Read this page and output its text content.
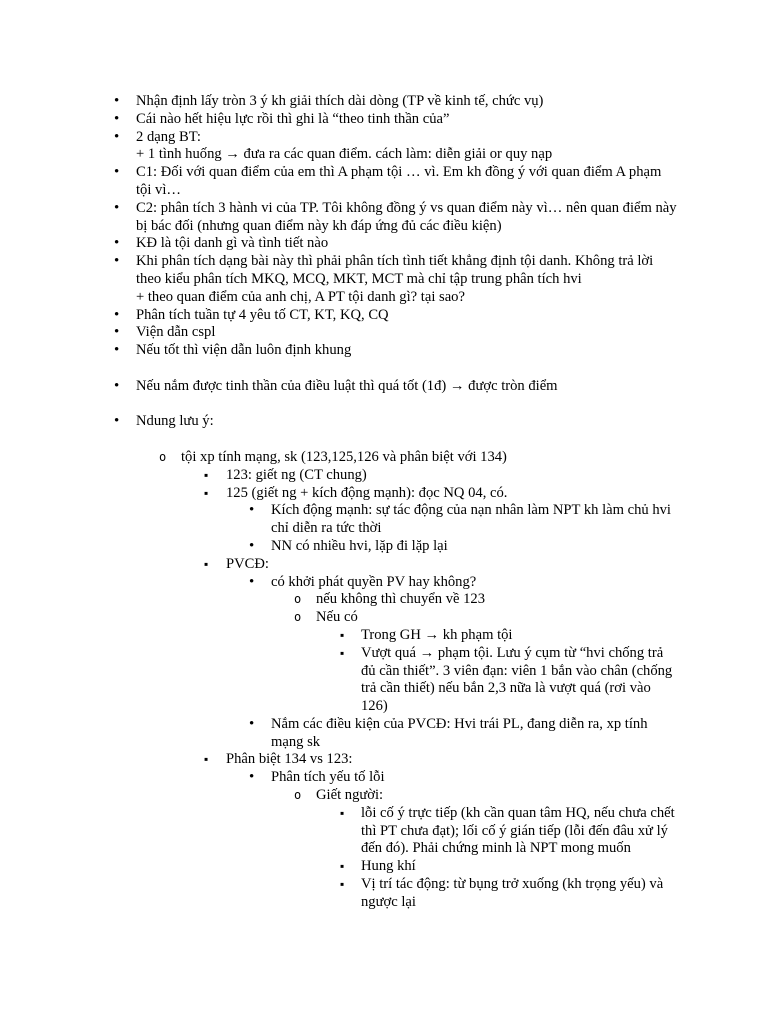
•
Nhận định lấy tròn 3 ý kh giải thích dài dòng (TP về kinh tế, chức vụ)
•
Cái nào hết hiệu lực rồi thì ghi là “theo tinh thần của”
•
2 dạng BT:
+ 1 tình huống → đưa ra các quan điểm. cách làm: diễn giải or quy nạp
•
C1: Đối với quan điểm của em thì A phạm tội … vì. Em kh đồng ý với quan điểm A phạm tội vì…
•
C2: phân tích 3 hành vi của TP. Tôi không đồng ý vs quan điểm này vì… nên quan điểm này bị bác đối (nhưng quan điểm này kh đáp ứng đủ các điều kiện)
•
KĐ là tội danh gì và tình tiết nào
•
Khi phân tích dạng bài này thì phải phân tích tình tiết khẳng định tội danh. Không trả lời theo kiểu phân tích MKQ, MCQ, MKT, MCT mà chỉ tập trung phân tích hvi
+ theo quan điểm của anh chị, A PT tội danh gì? tại sao?
•
Phân tích tuần tự 4 yêu tố CT, KT, KQ, CQ
•
Viện dẫn cspl
•
Nếu tốt thì viện dẫn luôn định khung
•
Nếu nắm được tinh thần của điều luật thì quá tốt (1đ) → được tròn điểm
•
Ndung lưu ý:
o	tội xp tính mạng, sk (123,125,126 và phân biệt với 134)
▪
123: giết ng (CT chung)
▪
125 (giết ng + kích động mạnh): đọc NQ 04, có.
•
Kích động mạnh: sự tác động của nạn nhân làm NPT kh làm chủ hvi chỉ diễn ra tức thời
•
NN có nhiều hvi, lặp đi lặp lại
▪
PVCĐ:
•
có khởi phát quyền PV hay không?
o	nếu không thì chuyển về 123
o	Nếu có
▪
Trong GH → kh phạm tội
▪
Vượt quá → phạm tội. Lưu ý cụm từ “hvi chống trả đủ cần thiết”. 3 viên đạn: viên 1 bắn vào chân (chống trả cần thiết) nếu bắn 2,3 nữa là vượt quá (rơi vào 126)
•
Nắm các điều kiện của PVCĐ: Hvi trái PL, đang diễn ra, xp tính mạng sk
▪
Phân biệt 134 vs 123:
•
Phân tích yếu tố lỗi
o	Giết người:
▪
lỗi cố ý trực tiếp (kh cần quan tâm HQ, nếu chưa chết thì PT chưa đạt); lối cố ý gián tiếp (lỗi đến đâu xử lý đến đó). Phải chứng minh là NPT mong muốn
▪
Hung khí
▪
Vị trí tác động: từ bụng trở xuống (kh trọng yếu) và ngược lại
